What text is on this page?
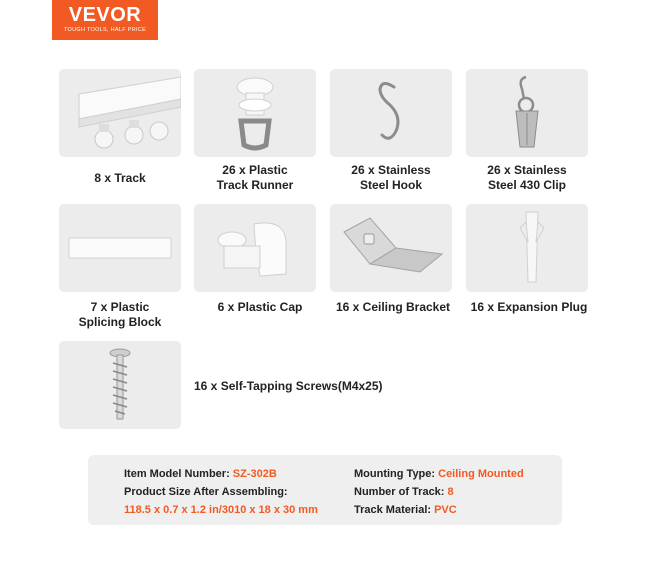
VEVOR
TOUGH TOOLS, HALF PRICE
8 x Track
26 x Plastic
Track Runner
26 x Stainless
Steel Hook
26 x Stainless
Steel 430 Clip
7 x Plastic
Splicing Block
6 x Plastic Cap	16 x Ceiling Bracket	16 x Expansion Plug
16 x Self-Tapping Screws(M4x25)
Item Model Number: SZ-302B
Product Size After Assembling:
118.5 x 0.7 x 1.2 in/3010 x 18 x 30 mm
Mounting Type: Ceiling Mounted
Number of Track: 8
Track Material: PVC
